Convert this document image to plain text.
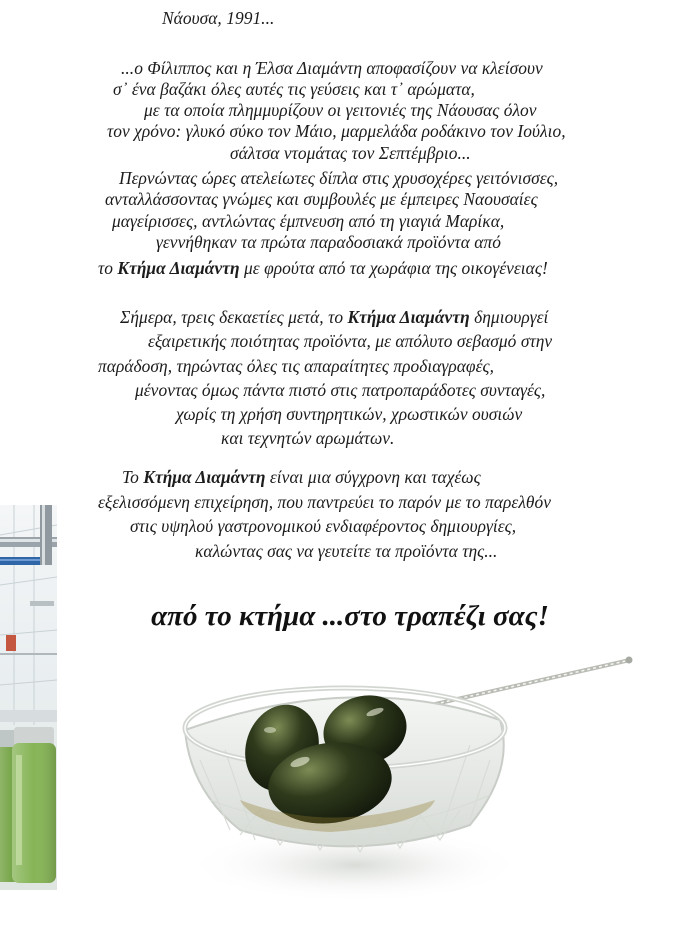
Νάουσα, 1991...
...ο Φίλιππος και η Έλσα Διαμάντη αποφασίζουν να κλείσουν
σ᾽ ένα βαζάκι όλες αυτές τις γεύσεις και τ᾽ αρώματα,
με τα οποία πλημμυρίζουν οι γειτονιές της Νάουσας όλον
τον χρόνο: γλυκό σύκο τον Μάιο, μαρμελάδα ροδάκινο τον Ιούλιο,
σάλτσα ντομάτας τον Σεπτέμβριο...
Περνώντας ώρες ατελείωτες δίπλα στις χρυσοχέρες γειτόνισσες,
ανταλλάσσοντας γνώμες και συμβουλές με έμπειρες Ναουσαίες
μαγείρισσες, αντλώντας έμπνευση από τη γιαγιά Μαρίκα,
γεννήθηκαν τα πρώτα παραδοσιακά προϊόντα από
το Κτήμα Διαμάντη με φρούτα από τα χωράφια της οικογένειας!
Σήμερα, τρεις δεκαετίες μετά, το Κτήμα Διαμάντη δημιουργεί
εξαιρετικής ποιότητας προϊόντα, με απόλυτο σεβασμό στην
παράδοση, τηρώντας όλες τις απαραίτητες προδιαγραφές,
μένοντας όμως πάντα πιστό στις πατροπαράδοτες συνταγές,
χωρίς τη χρήση συντηρητικών, χρωστικών ουσιών
και τεχνητών αρωμάτων.
Το Κτήμα Διαμάντη είναι μια σύγχρονη και ταχέως
εξελισσόμενη επιχείρηση, που παντρεύει το παρόν με το παρελθόν
στις υψηλού γαστρονομικού ενδιαφέροντος δημιουργίες,
καλώντας σας να γευτείτε τα προϊόντα της...
από το κτήμα ...στο τραπέζι σας!
